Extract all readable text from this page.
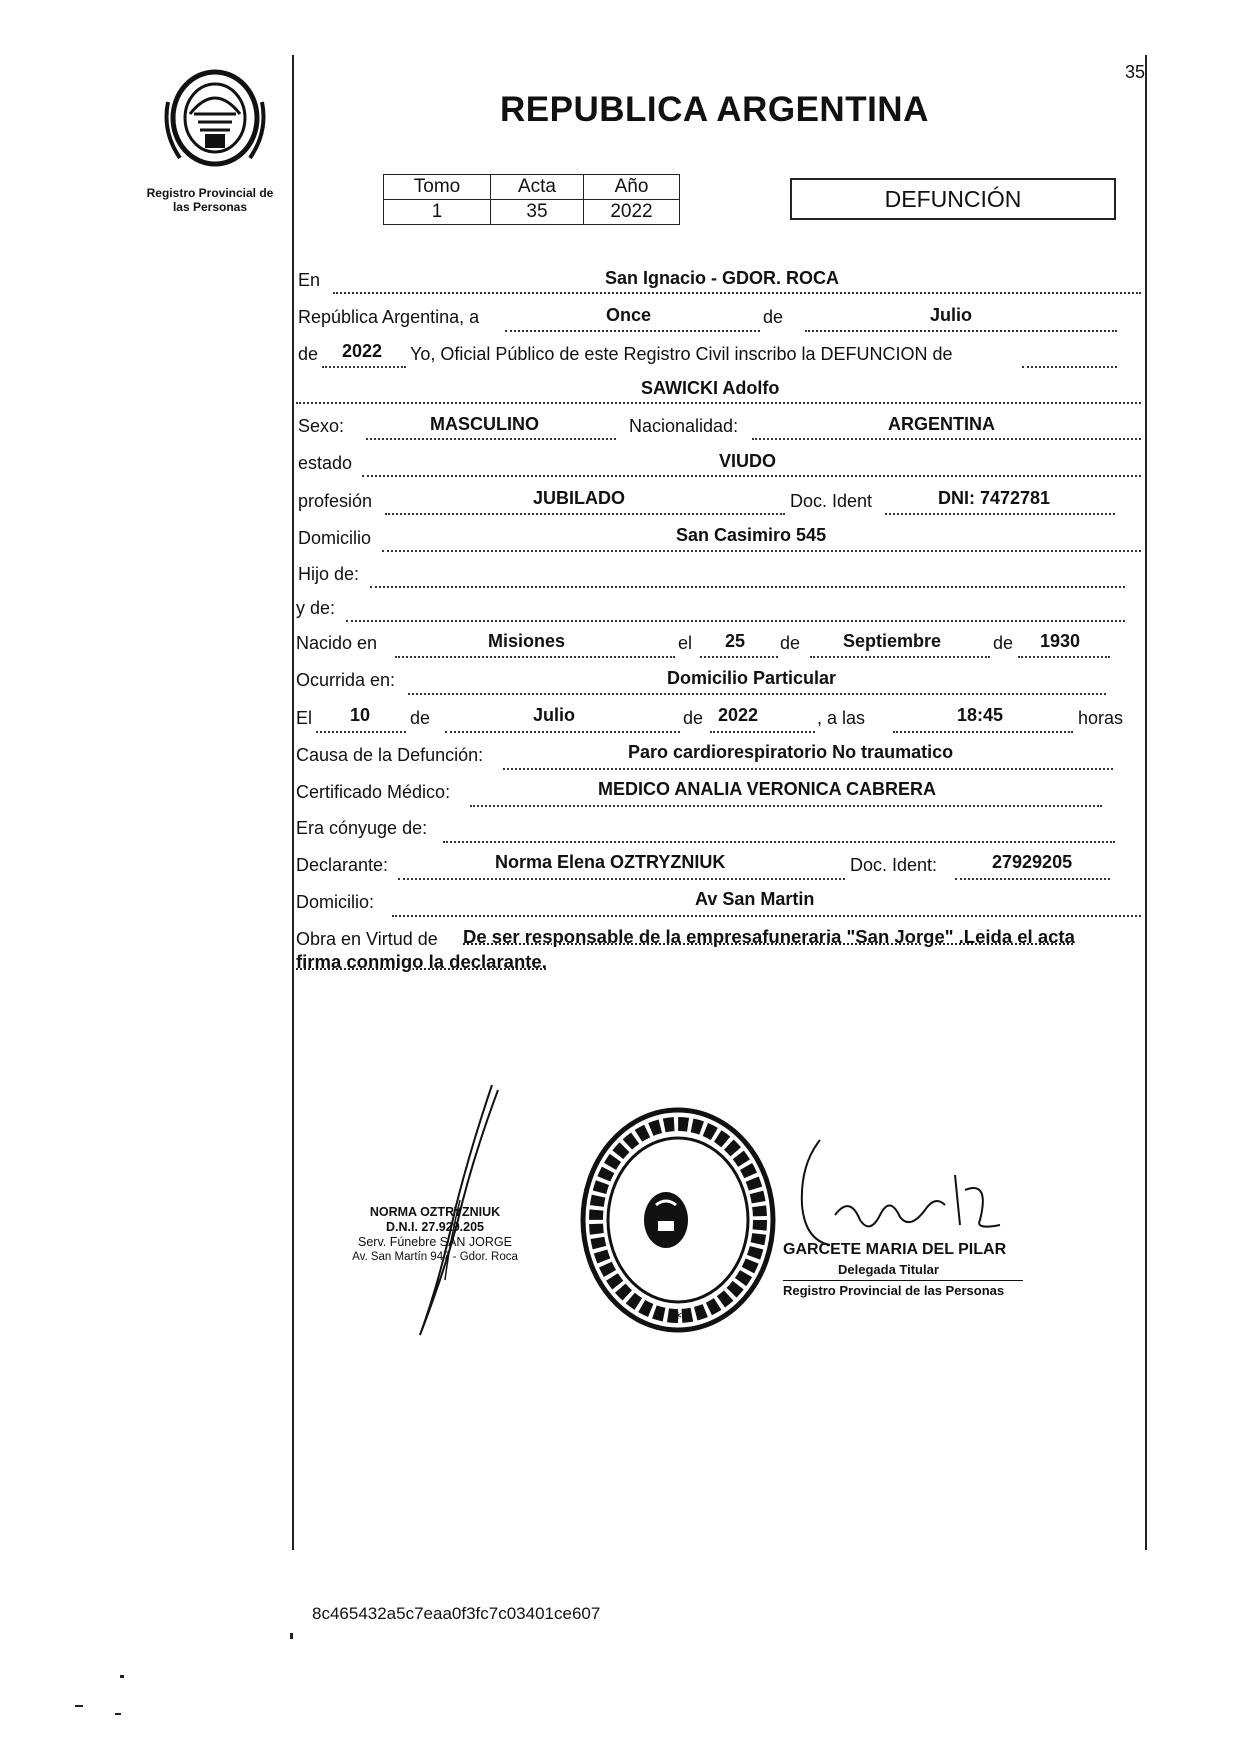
Registro Provincial de
las Personas
35
REPUBLICA ARGENTINA
Tomo	Acta	Año
1	35	2022	DEFUNCIÓN
En	San Ignacio - GDOR. ROCA
República Argentina, a	Once	de	Julio
de 2022 Yo, Oficial Público de este Registro Civil inscribo la DEFUNCION de
SAWICKI Adolfo
Sexo:	MASCULINO	Nacionalidad:	ARGENTINA
estado	VIUDO
profesión	JUBILADO	Doc. Ident	DNI: 7472781
Domicilio	San Casimiro 545
Hijo de:
y de:
Nacido en	Misiones	el 25 de Septiembre	de 1930
Ocurrida en:	Domicilio Particular
El 10 de	Julio	de 2022	, a las	18:45	horas
Causa de la Defunción:	Paro cardiorespiratorio No traumatico
Certificado Médico:	MEDICO ANALIA VERONICA CABRERA
Era cónyuge de:
Declarante:	Norma Elena OZTRYZNIUK	Doc. Ident:	27929205
Domicilio:	Av San Martin
Obra en Virtud de De ser responsable de la empresafuneraria "San Jorge" .Leida el acta
firma conmigo la declarante.
NORMA OZTRYZNIUK
D.N.I. 27.929.205
Serv. Fúnebre SAN JORGE
Av. San Martín 947 - Gdor. Roca
*
GARCETE MARIA DEL PILAR
Delegada Titular
Registro Provincial de las Personas
8c465432a5c7eaa0f3fc7c03401ce607
